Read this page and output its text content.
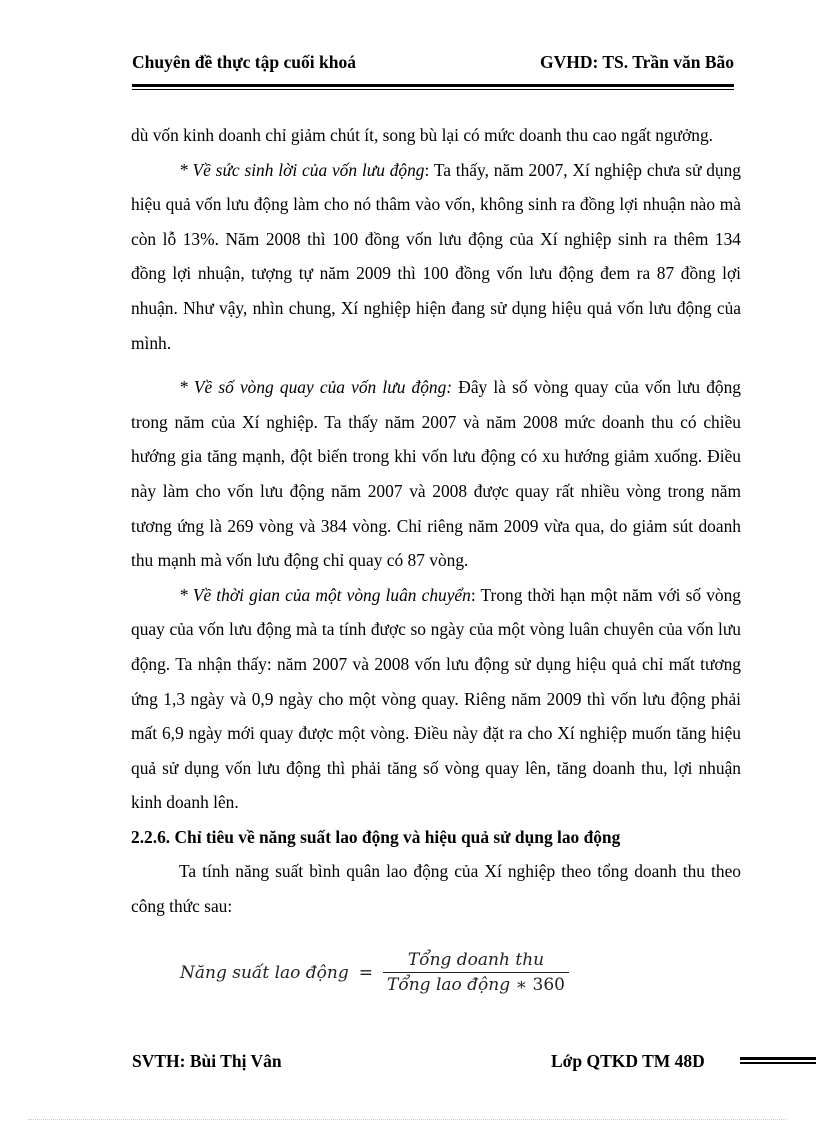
Chuyên đề thực tập cuối khoá	GVHD: TS. Trần văn Bão

dù vốn kinh doanh chỉ giảm chút ít, song bù lại có mức doanh thu cao ngất ngưởng.

* Về sức sinh lời của vốn lưu động: Ta thấy, năm 2007, Xí nghiệp chưa sử dụng hiệu quả vốn lưu động làm cho nó thâm vào vốn, không sinh ra đồng lợi nhuận nào mà còn lỗ 13%. Năm 2008 thì 100 đồng vốn lưu động của Xí nghiệp sinh ra thêm 134 đồng lợi nhuận, tượng tự năm 2009 thì 100 đồng vốn lưu động đem ra 87 đồng lợi nhuận. Như vậy, nhìn chung, Xí nghiệp hiện đang sử dụng hiệu quả vốn lưu động của mình.

* Về số vòng quay của vốn lưu động: Đây là số vòng quay của vốn lưu động trong năm của Xí nghiệp. Ta thấy năm 2007 và năm 2008 mức doanh thu có chiều hướng gia tăng mạnh, đột biến trong khi vốn lưu động có xu hướng giảm xuống. Điều này làm cho vốn lưu động năm 2007 và 2008 được quay rất nhiều vòng trong năm tương ứng là 269 vòng và 384 vòng. Chỉ riêng năm 2009 vừa qua, do giảm sút doanh thu mạnh mà vốn lưu động chỉ quay có 87 vòng.

* Về thời gian của một vòng luân chuyển: Trong thời hạn một năm với số vòng quay của vốn lưu động mà ta tính được so ngày của một vòng luân chuyên của vốn lưu động. Ta nhận thấy: năm 2007 và 2008 vốn lưu động sử dụng hiệu quả chỉ mất tương ứng 1,3 ngày và 0,9 ngày cho một vòng quay. Riêng năm 2009 thì vốn lưu động phải mất 6,9 ngày mới quay được một vòng. Điều này đặt ra cho Xí nghiệp muốn tăng hiệu quả sử dụng vốn lưu động thì phải tăng số vòng quay lên, tăng doanh thu, lợi nhuận kinh doanh lên.

2.2.6. Chỉ tiêu về năng suất lao động và hiệu quả sử dụng lao động

Ta tính năng suất bình quân lao động của Xí nghiệp theo tổng doanh thu theo công thức sau:

Năng suất lao động = $\frac{\text{Tổng doanh thu}}{\text{Tổng lao động ∗ 360}}$
SVTH: Bùi Thị Vân	Lớp QTKD TM 48D
